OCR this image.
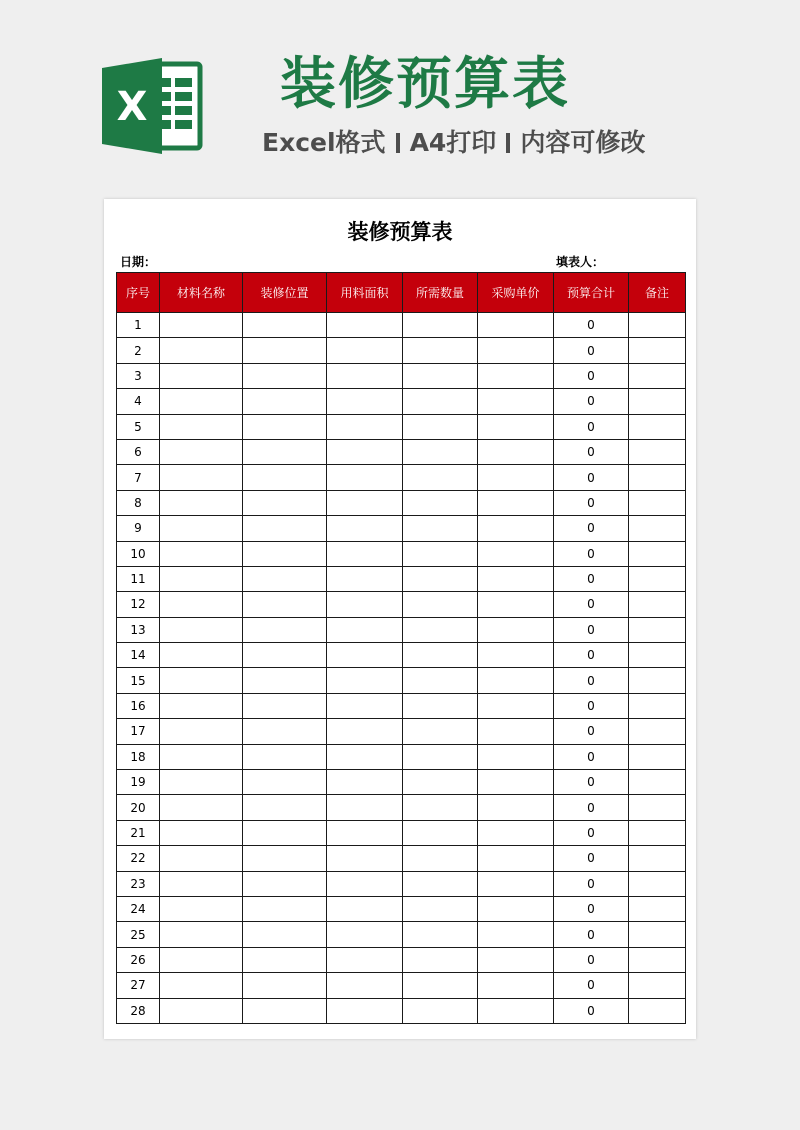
X 装修预算表
Excel格式 A4打印 内容可修改
装修预算表
日期：	填表人：
序号	材料名称	装修位置	用料面积	所需数量	采购单价	预算合计	备注
1						0	
2						0	
3						0	
4						0	
5						0	
6						0	
7						0	
8						0	
9						0	
10						0	
11						0	
12						0	
13						0	
14						0	
15						0	
16						0	
17						0	
18						0	
19						0	
20						0	
21						0	
22						0	
23						0	
24						0	
25						0	
26						0	
27						0	
28						0	
